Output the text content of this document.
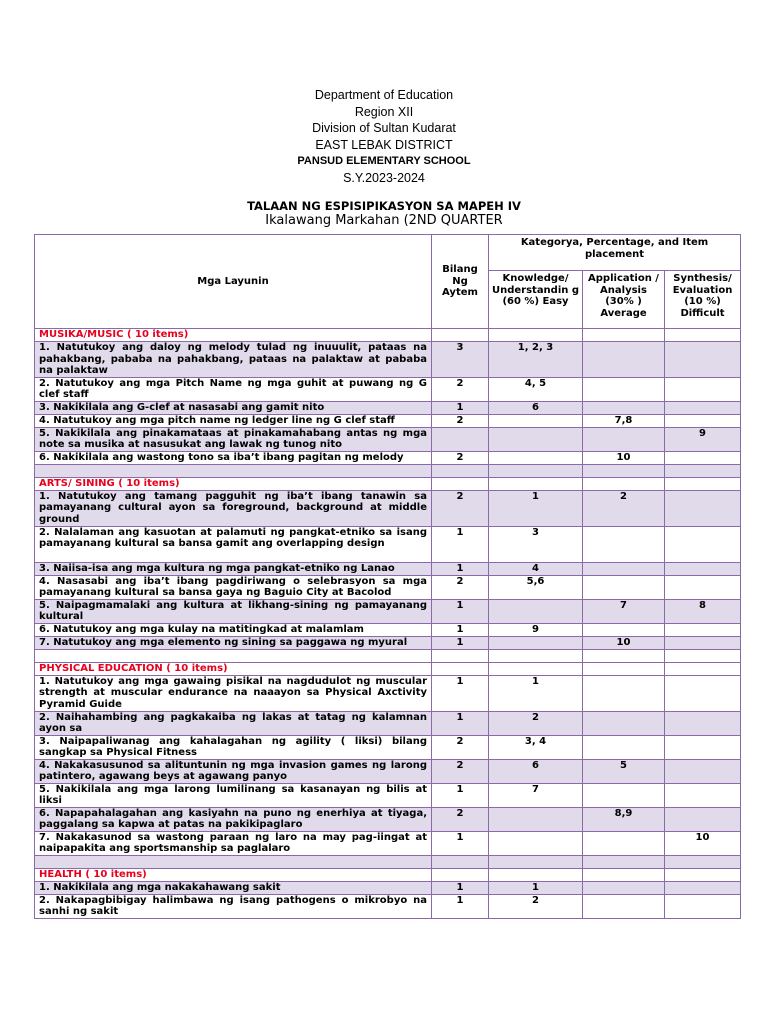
Department of Education
Region XII
Division of Sultan Kudarat
EAST LEBAK DISTRICT
PANSUD ELEMENTARY SCHOOL
S.Y.2023-2024
TALAAN NG ESPISIPIKASYON SA MAPEH IV
Ikalawang Markahan (2ND QUARTER
Mga Layunin	Bilang Ng Aytem	Kategorya, Percentage, and Item placement		
		Knowledge/ Understandin g (60 %) Easy	Application / Analysis (30% ) Average	Synthesis/ Evaluation (10 %) Difficult
MUSIKA/MUSIC ( 10 items)				
1. Natutukoy ang daloy ng melody tulad ng inuuulit, pataas na pahakbang, pababa na pahakbang, pataas na palaktaw at pababa na palaktaw	3	1, 2, 3		
2. Natutukoy ang mga Pitch Name ng mga guhit at puwang ng G clef staff	2	4, 5		
3. Nakikilala ang G-clef at nasasabi ang gamit nito	1	6		
4. Natutukoy ang mga pitch name ng ledger line ng G clef staff	2		7,8	
5. Nakikilala ang pinakamataas at pinakamahabang antas ng mga note sa musika at nasusukat ang lawak ng tunog nito				9
6. Nakikilala ang wastong tono sa iba’t ibang pagitan ng melody	2		10	

ARTS/ SINING ( 10 items)				
1. Natutukoy ang tamang pagguhit ng iba’t ibang tanawin sa pamayanang cultural ayon sa foreground, background at middle ground	2	1	2	
2. Nalalaman ang kasuotan at palamuti ng pangkat-etniko sa isang pamayanang kultural sa bansa gamit ang overlapping design	1	3		
3. Naiisa-isa ang mga kultura ng mga pangkat-etniko ng Lanao	1	4		
4. Nasasabi ang iba’t ibang pagdiriwang o selebrasyon sa mga pamayanang kultural sa bansa gaya ng Baguio City at Bacolod	2	5,6		
5. Naipagmamalaki ang kultura at likhang-sining ng pamayanang kultural	1		7	8
6. Natutukoy ang mga kulay na matitingkad at malamlam	1	9		
7. Natutukoy ang mga elemento ng sining sa paggawa ng myural	1		10	

PHYSICAL EDUCATION ( 10 items)				
1. Natutukoy ang mga gawaing pisikal na nagdudulot ng muscular strength at muscular endurance na naaayon sa Physical Axctivity Pyramid Guide	1	1		
2. Naihahambing ang pagkakaiba ng lakas at tatag ng kalamnan ayon sa	1	2		
3. Naipapaliwanag ang kahalagahan ng agility ( liksi) bilang sangkap sa Physical Fitness	2	3, 4		
4. Nakakasusunod sa alituntunin ng mga invasion games ng larong patintero, agawang beys at agawang panyo	2	6	5	
5. Nakikilala ang mga larong lumilinang sa kasanayan ng bilis at liksi	1	7		
6. Napapahalagahan ang kasiyahn na puno ng enerhiya at tiyaga, paggalang sa kapwa at patas na pakikipaglaro	2		8,9	
7. Nakakasunod sa wastong paraan ng laro na may pag-iingat at naipapakita ang sportsmanship sa paglalaro	1			10

HEALTH ( 10 items)				
1. Nakikilala ang mga nakakahawang sakit	1	1		
2. Nakapagbibigay halimbawa ng isang pathogens o mikrobyo na sanhi ng sakit	1	2		
